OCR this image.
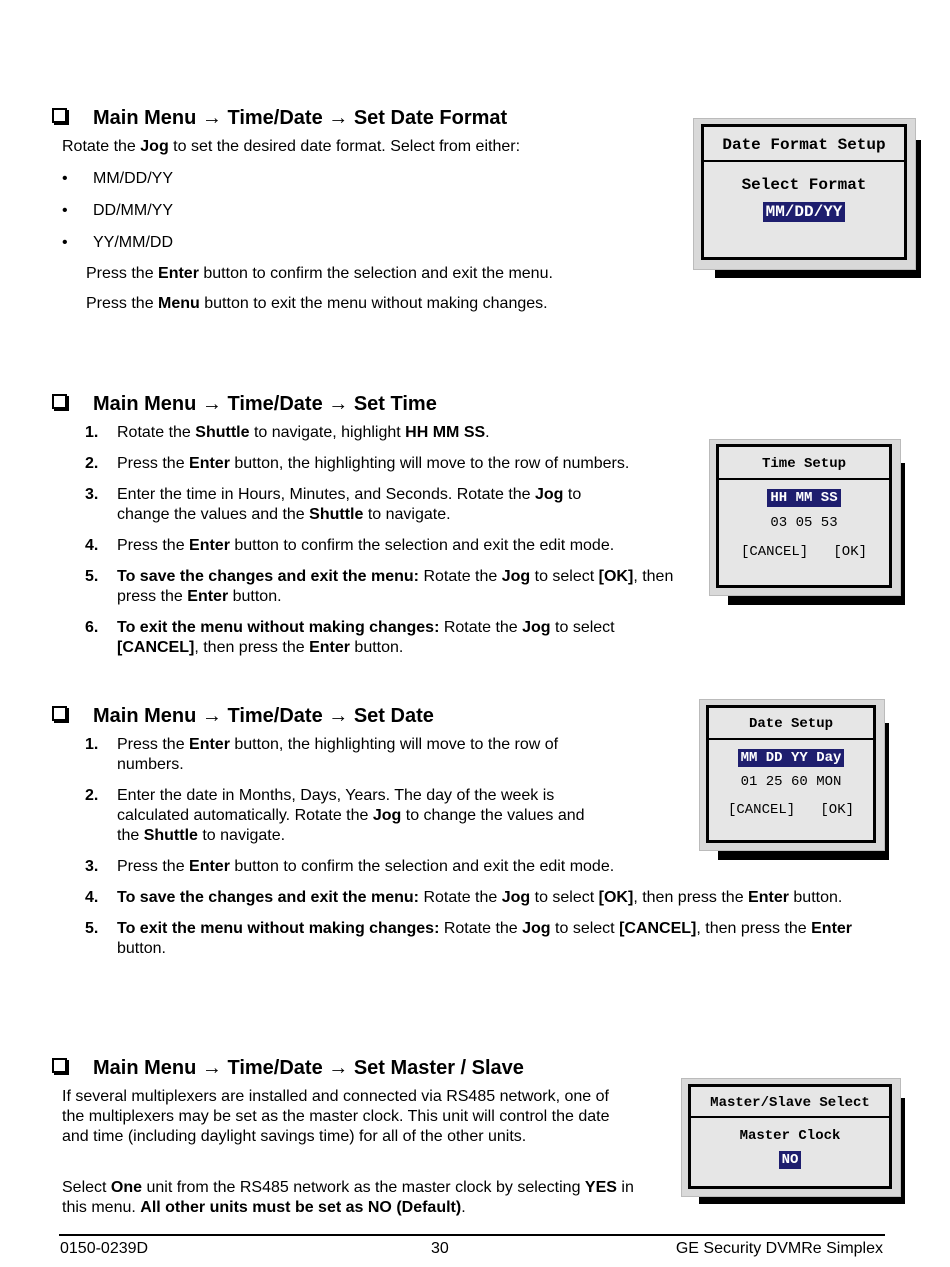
Main Menu → Time/Date → Set Date Format
Rotate the Jog to set the desired date format. Select from either:
• MM/DD/YY
• DD/MM/YY
• YY/MM/DD
Press the Enter button to confirm the selection and exit the menu.
Press the Menu button to exit the menu without making changes.
Date Format Setup
Select Format
MM/DD/YY
Main Menu → Time/Date → Set Time
1. Rotate the Shuttle to navigate, highlight HH MM SS.
2. Press the Enter button, the highlighting will move to the row of numbers.
3. Enter the time in Hours, Minutes, and Seconds. Rotate the Jog to change the values and the Shuttle to navigate.
4. Press the Enter button to confirm the selection and exit the edit mode.
5. To save the changes and exit the menu: Rotate the Jog to select [OK], then press the Enter button.
6. To exit the menu without making changes: Rotate the Jog to select [CANCEL], then press the Enter button.
Time Setup
HH MM SS
03 05 53
[CANCEL] [OK]
Main Menu → Time/Date → Set Date
1. Press the Enter button, the highlighting will move to the row of numbers.
2. Enter the date in Months, Days, Years. The day of the week is calculated automatically. Rotate the Jog to change the values and the Shuttle to navigate.
3. Press the Enter button to confirm the selection and exit the edit mode.
4. To save the changes and exit the menu: Rotate the Jog to select [OK], then press the Enter button.
5. To exit the menu without making changes: Rotate the Jog to select [CANCEL], then press the Enter button.
Date Setup
MM DD YY Day
01 25 60 MON
[CANCEL] [OK]
Main Menu → Time/Date → Set Master / Slave
If several multiplexers are installed and connected via RS485 network, one of the multiplexers may be set as the master clock. This unit will control the date and time (including daylight savings time) for all of the other units.
Select One unit from the RS485 network as the master clock by selecting YES in this menu. All other units must be set as NO (Default).
Master/Slave Select
Master Clock
NO
0150-0239D	30	GE Security DVMRe Simplex
